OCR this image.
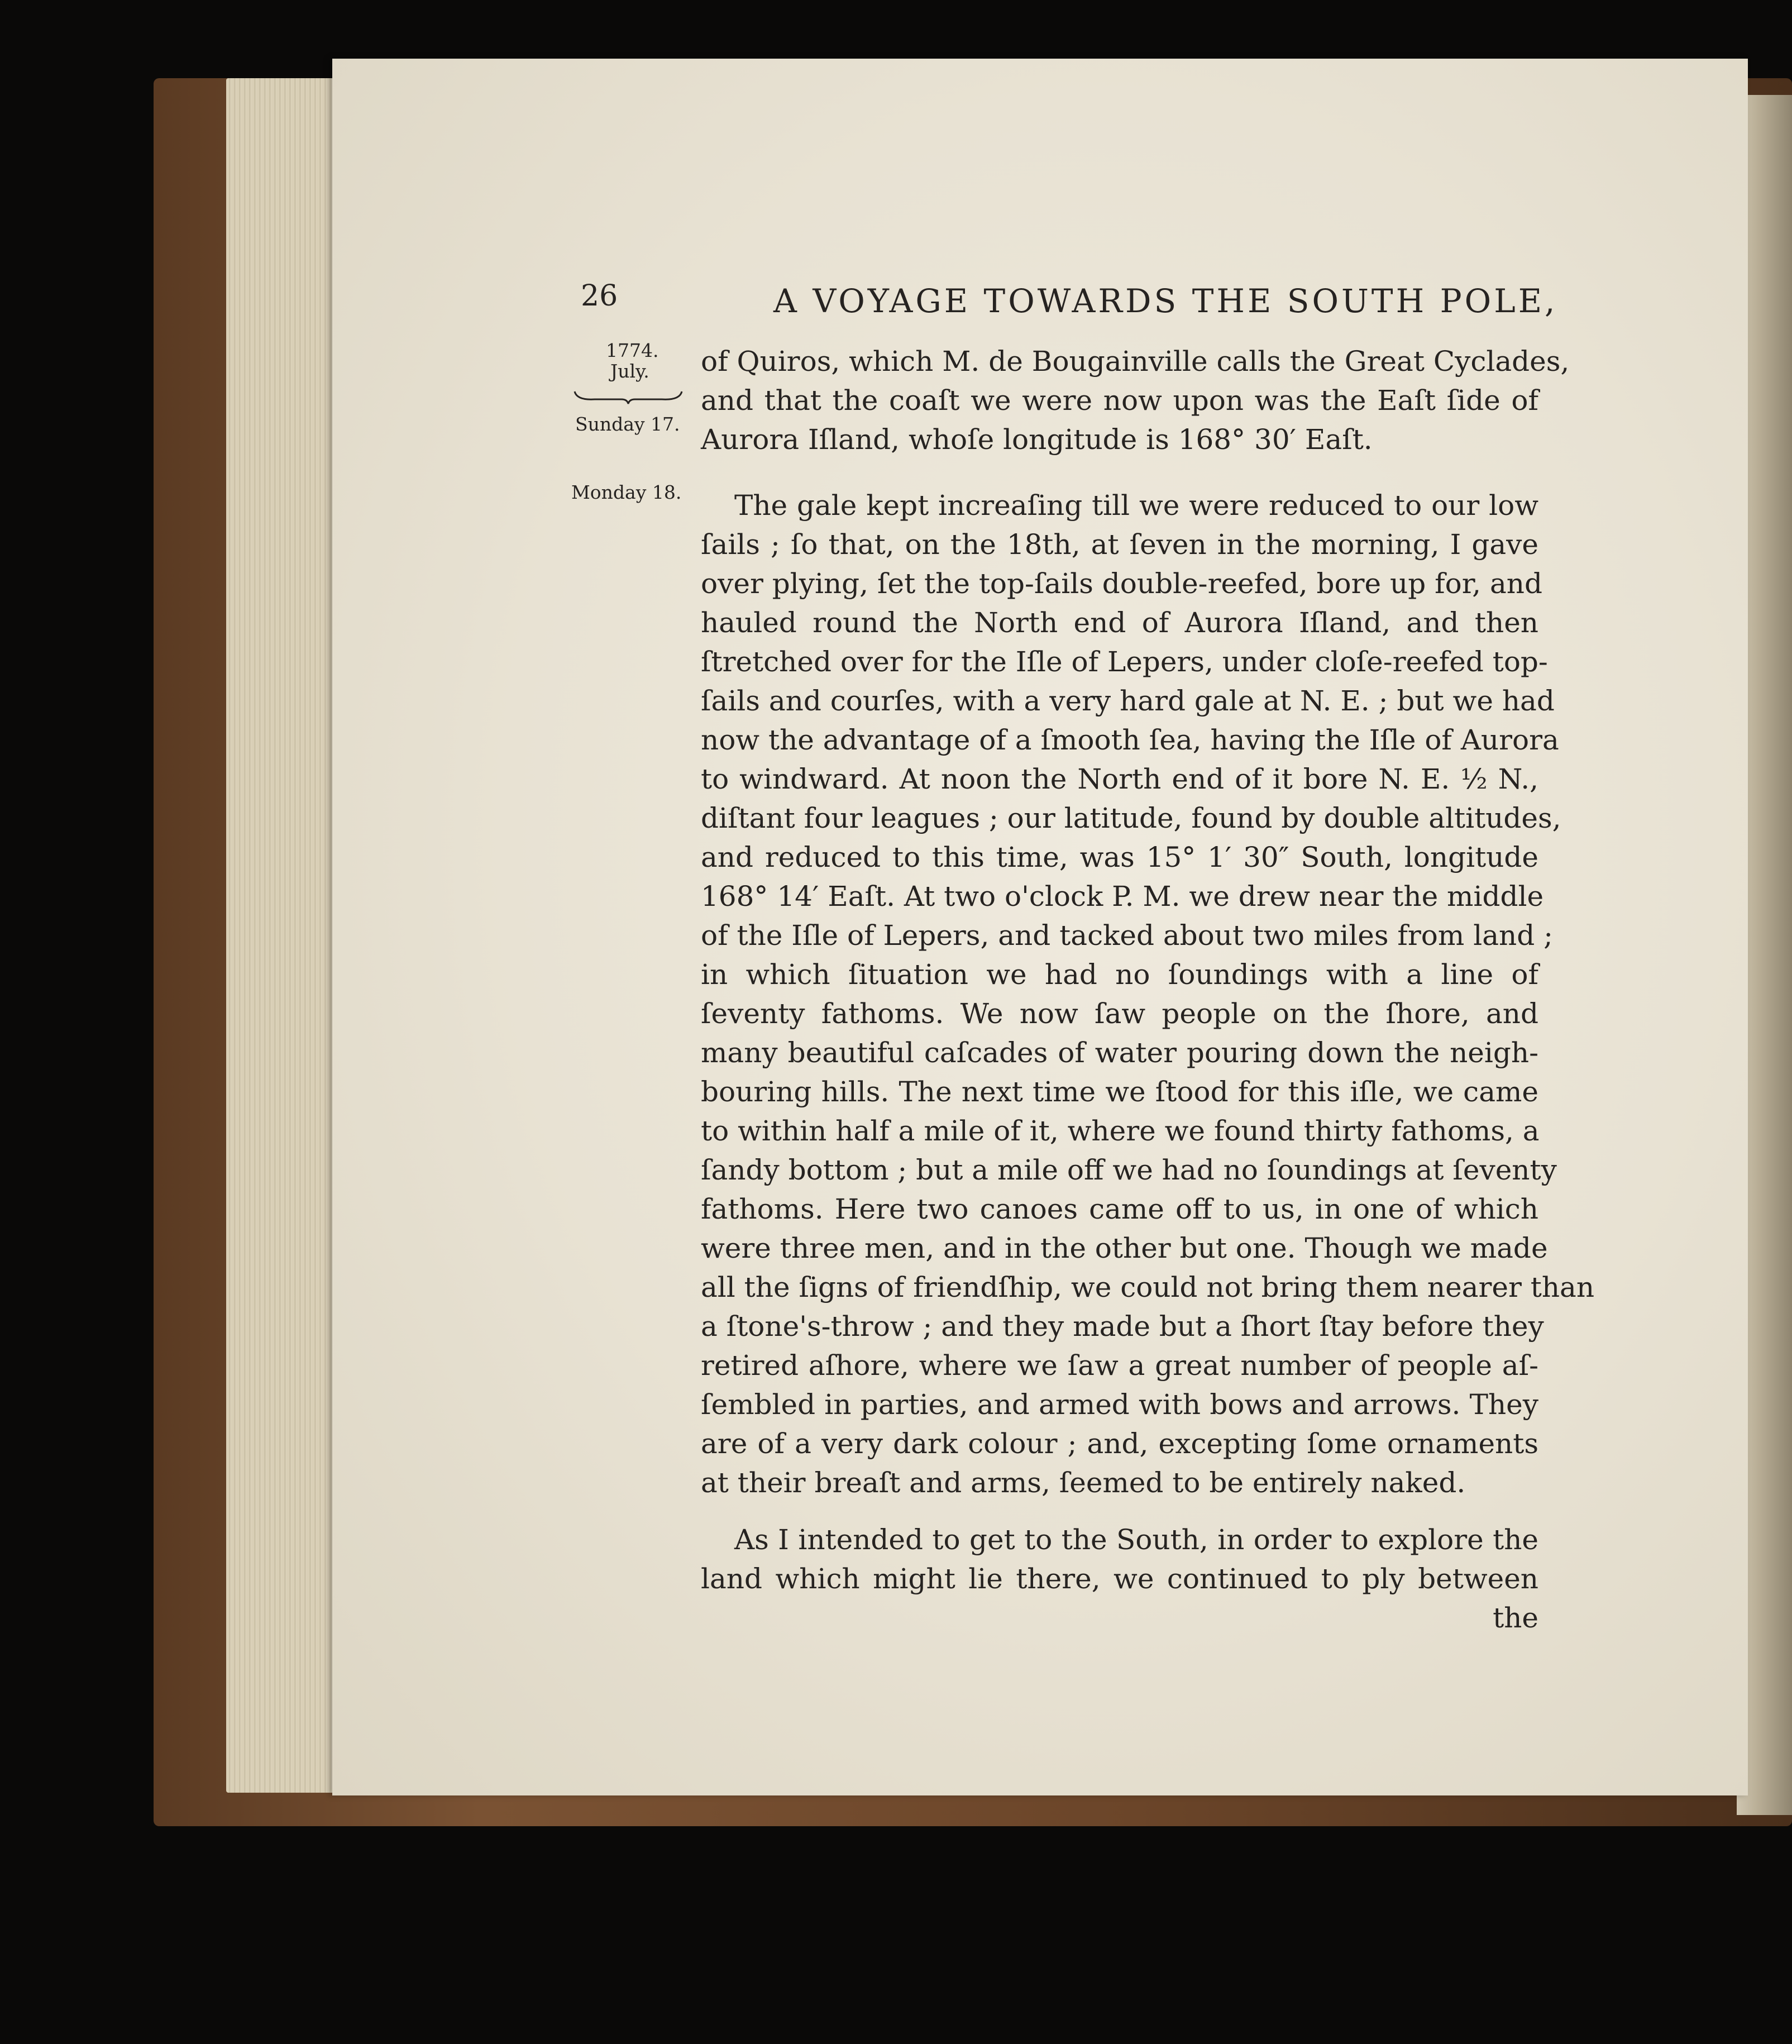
26	A VOYAGE TOWARDS THE SOUTH POLE,
1774.
July.
Sunday 17.
Monday 18.
of Quiros, which M. de Bougainville calls the Great Cyclades,
and that the coaſt we were now upon was the Eaſt ſide of
Aurora Iſland, whoſe longitude is 168° 30′ Eaſt.
The gale kept increaſing till we were reduced to our low
ſails ; ſo that, on the 18th, at ſeven in the morning, I gave
over plying, ſet the top-ſails double-reefed, bore up for, and
hauled round the North end of Aurora Iſland, and then
ſtretched over for the Iſle of Lepers, under cloſe-reefed top-
ſails and courſes, with a very hard gale at N. E. ; but we had
now the advantage of a ſmooth ſea, having the Iſle of Aurora
to windward. At noon the North end of it bore N. E. ½ N.,
diſtant four leagues ; our latitude, found by double altitudes,
and reduced to this time, was 15° 1′ 30″ South, longitude
168° 14′ Eaſt. At two o'clock P. M. we drew near the middle
of the Iſle of Lepers, and tacked about two miles from land ;
in which ſituation we had no ſoundings with a line of
ſeventy fathoms. We now ſaw people on the ſhore, and
many beautiful caſcades of water pouring down the neigh-
bouring hills. The next time we ſtood for this iſle, we came
to within half a mile of it, where we found thirty fathoms, a
ſandy bottom ; but a mile off we had no ſoundings at ſeventy
fathoms. Here two canoes came off to us, in one of which
were three men, and in the other but one. Though we made
all the ſigns of friendſhip, we could not bring them nearer than
a ſtone's-throw ; and they made but a ſhort ſtay before they
retired aſhore, where we ſaw a great number of people aſ-
ſembled in parties, and armed with bows and arrows. They
are of a very dark colour ; and, excepting ſome ornaments
at their breaſt and arms, ſeemed to be entirely naked.
As I intended to get to the South, in order to explore the
land which might lie there, we continued to ply between
the
